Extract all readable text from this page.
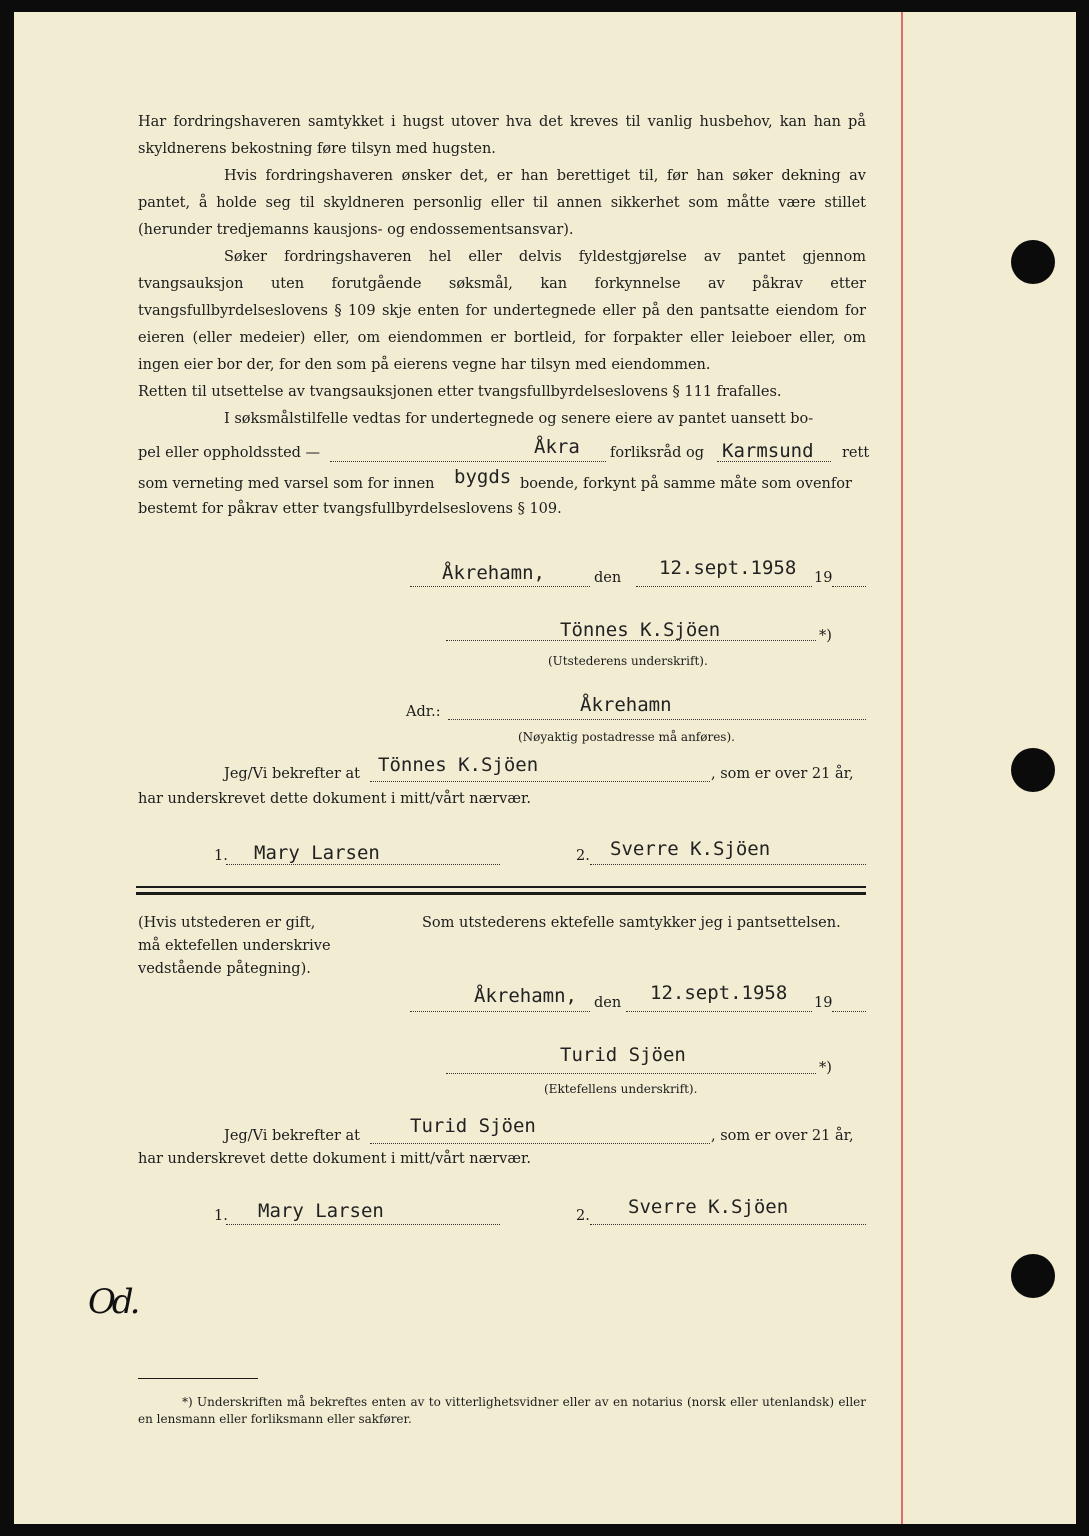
Har fordringshaveren samtykket i hugst utover hva det kreves til vanlig husbehov, kan han på skyldnerens bekostning føre tilsyn med hugsten.
Hvis fordringshaveren ønsker det, er han berettiget til, før han søker dekning av pantet, å holde seg til skyldneren personlig eller til annen sikkerhet som måtte være stillet (herunder tredjemanns kausjons- og endossementsansvar).
Søker fordringshaveren hel eller delvis fyldestgjørelse av pantet gjennom tvangsauksjon uten forutgående søksmål, kan forkynnelse av påkrav etter tvangsfullbyrdelseslovens § 109 skje enten for undertegnede eller på den pantsatte eiendom for eieren (eller medeier) eller, om eiendommen er bortleid, for forpakter eller leieboer eller, om ingen eier bor der, for den som på eierens vegne har tilsyn med eiendommen.
Retten til utsettelse av tvangsauksjonen etter tvangsfullbyrdelseslovens § 111 frafalles.
I søksmålstilfelle vedtas for undertegnede og senere eiere av pantet uansett bo-
pel eller oppholdssted —	Åkra forliksråd og Karmsund rett
som verneting med varsel som for innen bygds boende, forkynt på samme måte som ovenfor
bestemt for påkrav etter tvangsfullbyrdelseslovens § 109.
Åkrehamn,	den 12.sept.1958 19
Tönnes K.Sjöen	*)
(Utstederens underskrift).
Adr.:	Åkrehamn
(Nøyaktig postadresse må anføres).
Jeg/Vi bekrefter at Tönnes K.Sjöen	, som er over 21 år,
har underskrevet dette dokument i mitt/vårt nærvær.
1. Mary Larsen	2. Sverre K.Sjöen
(Hvis utstederen er gift,
må ektefellen underskrive
vedstående påtegning).
Som utstederens ektefelle samtykker jeg i pantsettelsen.
Åkrehamn, den 12.sept.1958 19
Turid Sjöen
*)
(Ektefellens underskrift).
Jeg/Vi bekrefter at	Turid Sjöen	, som er over 21 år,
har underskrevet dette dokument i mitt/vårt nærvær.
1. Mary Larsen	2. Sverre K.Sjöen
Od.
*) Underskriften må bekreftes enten av to vitterlighetsvidner eller av en notarius (norsk eller utenlandsk) eller en lensmann eller forliksmann eller sakfører.
